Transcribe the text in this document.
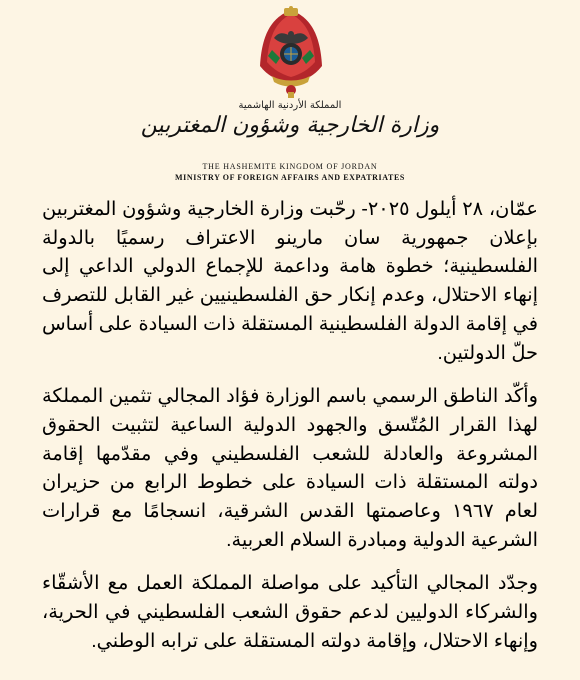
المملكة الأردنية الهاشمية
وزارة الخارجية وشؤون المغتربين
THE HASHEMITE KINGDOM OF JORDAN
MINISTRY OF FOREIGN AFFAIRS AND EXPATRIATES

عمّان، ٢٨ أيلول ٢٠٢٥- رحّبت وزارة الخارجية وشؤون المغتربين بإعلان جمهورية سان مارينو الاعتراف رسميًا بالدولة الفلسطينية؛ خطوة هامة وداعمة للإجماع الدولي الداعي إلى إنهاء الاحتلال، وعدم إنكار حق الفلسطينيين غير القابل للتصرف في إقامة الدولة الفلسطينية المستقلة ذات السيادة على أساس حلّ الدولتين.

وأكّد الناطق الرسمي باسم الوزارة فؤاد المجالي تثمين المملكة لهذا القرار المُتّسق والجهود الدولية الساعية لتثبيت الحقوق المشروعة والعادلة للشعب الفلسطيني وفي مقدّمها إقامة دولته المستقلة ذات السيادة على خطوط الرابع من حزيران لعام ١٩٦٧ وعاصمتها القدس الشرقية، انسجامًا مع قرارات الشرعية الدولية ومبادرة السلام العربية.

وجدّد المجالي التأكيد على مواصلة المملكة العمل مع الأشقّاء والشركاء الدوليين لدعم حقوق الشعب الفلسطيني في الحرية، وإنهاء الاحتلال، وإقامة دولته المستقلة على ترابه الوطني.
